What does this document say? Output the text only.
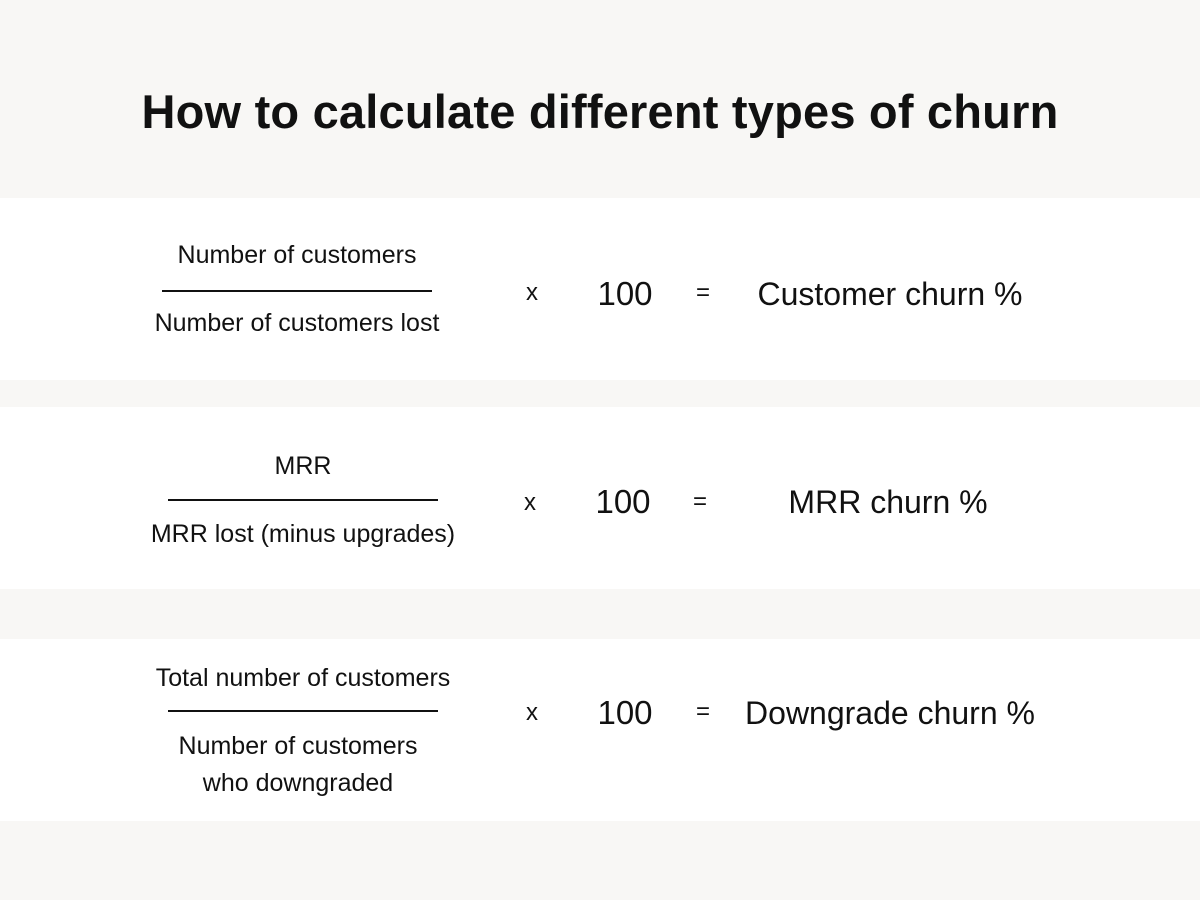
How to calculate different types of churn
Number of customers
Number of customers lost
x	100	=	Customer churn %
MRR
MRR lost (minus upgrades)
x	100	=	MRR churn %
Total number of customers
Number of customers
who downgraded
x	100	=	Downgrade churn %
